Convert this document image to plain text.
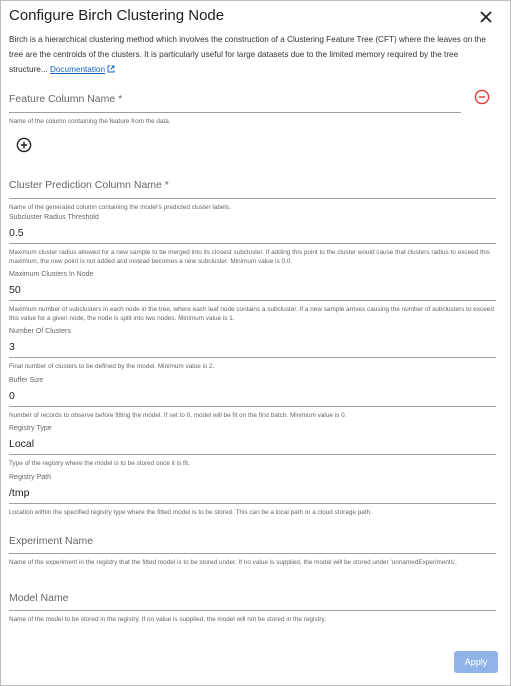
Configure Birch Clustering Node
Birch is a hierarchical clustering method which involves the construction of a Clustering Feature Tree (CFT) where the leaves on the tree are the centroids of the clusters. It is particularly useful for large datasets due to the limited memory required by the tree structure... Documentation
Feature Column Name *
Name of the column containing the feature from the data.
Cluster Prediction Column Name *
Name of the generated column containing the model's predicted cluster labels.
Subcluster Radius Threshold
0.5
Maximum cluster radius allowed for a new sample to be merged into its closest subcluster. If adding this point to the cluster would cause that clusters radius to exceed this maximum, the new point is not added and instead becomes a new subcluster. Minimum value is 0.0.
Maximum Clusters In Node
50
Maximum number of subclusters in each node in the tree, where each leaf node contains a subcluster. If a new sample arrives causing the number of subclusters to exceed this value for a given node, the node is split into two nodes. Minimum value is 1.
Number Of Clusters
3
Final number of clusters to be defined by the model. Minimum value is 2.
Buffer Size
0
Number of records to observe before fitting the model. If set to 0, model will be fit on the first batch. Minimum value is 0.
Registry Type
Local
Type of the registry where the model is to be stored once it is fit.
Registry Path
/tmp
Location within the specified registry type where the fitted model is to be stored. This can be a local path or a cloud storage path.
Experiment Name
Name of the experiment in the registry that the fitted model is to be stored under. If no value is supplied, the model will be stored under 'unnamedExperiments'.
Model Name
Name of the model to be stored in the registry. If no value is supplied, the model will not be stored in the registry.
Apply
